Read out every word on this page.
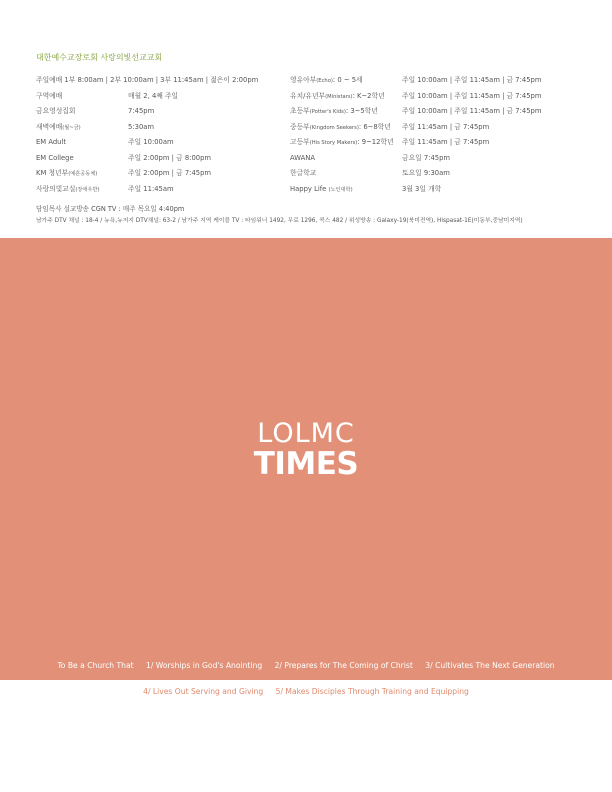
대한예수교장로회 사랑의빛선교교회
주일예배 1부 8:00am | 2부 10:00am | 3부 11:45am | 젊은이 2:00pm
구역예배	매월 2, 4째 주일
금요영성집회	7:45pm
새벽예배(월~금)	5:30am
EM Adult	주일 10:00am
EM College	주일 2:00pm | 금 8:00pm
KM 청년부(예흔공동체)	주일 2:00pm | 금 7:45pm
사랑의빛교실(장애우반)	주일 11:45am
영유아부(Echo): 0 ~ 5세	주일 10:00am | 주일 11:45am | 금 7:45pm
유치/유년부(Ministars): K~2학년	주일 10:00am | 주일 11:45am | 금 7:45pm
초등부(Potter's Kids): 3~5학년	주일 10:00am | 주일 11:45am | 금 7:45pm
중등부(Kingdom Seekers): 6~8학년 주일 11:45am | 금 7:45pm
고등부(His Story Makers): 9~12학년 주일 11:45am | 금 7:45pm
AWANA	금요일 7:45pm
한글학교	토요일 9:30am
Happy Life (노인대학)	3월 3일 개학
담임목사 설교방송 CGN TV : 매주 목요일 4:40pm
남가주 DTV 채널 : 18-4 / 뉴욕,뉴저지 DTV채널: 63-2 / 남가주 지역 케이블 TV : 타임워너 1492, 무료 1296, 콕스 482 / 위성방송 : Galaxy-19(북미전역), Hispasat-1E(미동부,중남미지역)
LOLMC
TIMES
To Be a Church That 1/ Worships in God's Anointing 2/ Prepares for The Coming of Christ 3/ Cultivates The Next Generation
4/ Lives Out Serving and Giving 5/ Makes Disciples Through Training and Equipping
